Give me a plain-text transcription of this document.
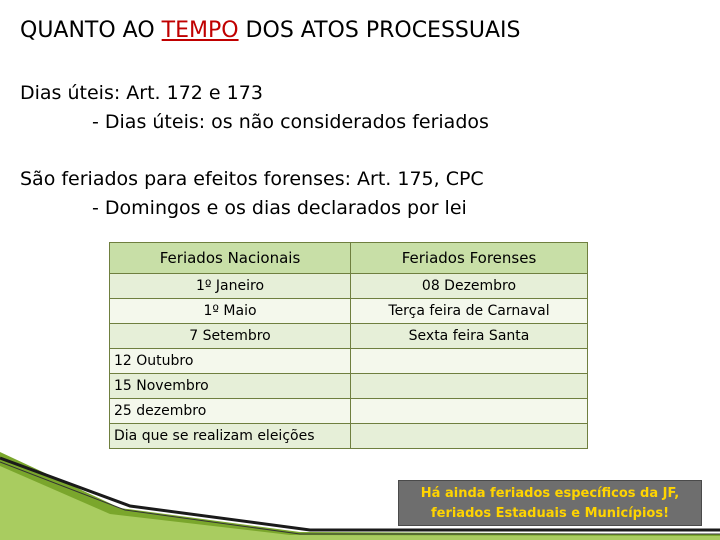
QUANTO AO TEMPO DOS ATOS PROCESSUAIS
Dias úteis: Art. 172 e 173
- Dias úteis: os não considerados feriados
São feriados para efeitos forenses: Art. 175, CPC
- Domingos e os dias declarados por lei
Feriados Nacionais	Feriados Forenses
1º Janeiro	08 Dezembro
1º Maio	Terça feira de Carnaval
7 Setembro	Sexta feira Santa
12 Outubro	
15 Novembro	
25 dezembro	
Dia que se realizam eleições	
Há ainda feriados específicos da JF,
feriados Estaduais e Municípios!
